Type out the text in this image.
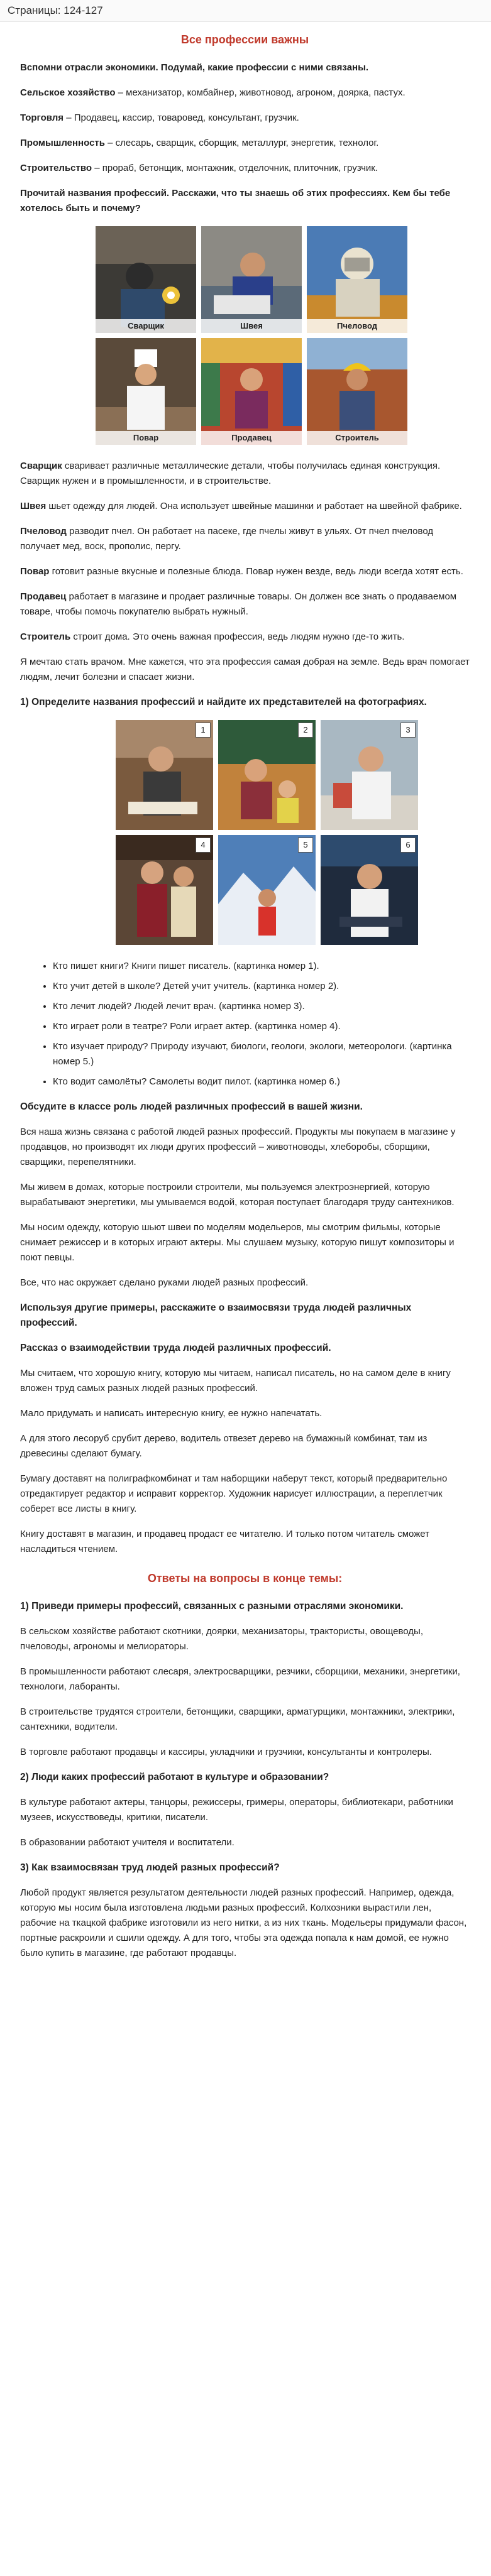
Страницы: 124-127
Все профессии важны

Вспомни отрасли экономики. Подумай, какие профессии с ними связаны.

Сельское хозяйство – механизатор, комбайнер, животновод, агроном, доярка, пастух.

Торговля – Продавец, кассир, товаровед, консультант, грузчик.

Промышленность – слесарь, сварщик, сборщик, металлург, энергетик, технолог.

Строительство – прораб, бетонщик, монтажник, отделочник, плиточник, грузчик.

Прочитай названия профессий. Расскажи, что ты знаешь об этих профессиях. Кем бы тебе хотелось быть и почему?

Сварщик	Швея	Пчеловод
Повар	Продавец	Строитель

Сварщик сваривает различные металлические детали, чтобы получилась единая конструкция. Сварщик нужен и в промышленности, и в строительстве.

Швея шьет одежду для людей. Она использует швейные машинки и работает на швейной фабрике.

Пчеловод разводит пчел. Он работает на пасеке, где пчелы живут в ульях. От пчел пчеловод получает мед, воск, прополис, пергу.

Повар готовит разные вкусные и полезные блюда. Повар нужен везде, ведь люди всегда хотят есть.

Продавец работает в магазине и продает различные товары. Он должен все знать о продаваемом товаре, чтобы помочь покупателю выбрать нужный.

Строитель строит дома. Это очень важная профессия, ведь людям нужно где-то жить.

Я мечтаю стать врачом. Мне кажется, что эта профессия самая добрая на земле. Ведь врач помогает людям, лечит болезни и спасает жизни.

1) Определите названия профессий и найдите их представителей на фотографиях.
1	2	3
4	5	6
• Кто пишет книги? Книги пишет писатель. (картинка номер 1).
• Кто учит детей в школе? Детей учит учитель. (картинка номер 2).
• Кто лечит людей? Людей лечит врач. (картинка номер 3).
• Кто играет роли в театре? Роли играет актер. (картинка номер 4).
• Кто изучает природу? Природу изучают, биологи, геологи, экологи, метеорологи. (картинка номер 5.)
• Кто водит самолёты? Самолеты водит пилот. (картинка номер 6.)
Обсудите в классе роль людей различных профессий в вашей жизни.

Вся наша жизнь связана с работой людей разных профессий. Продукты мы покупаем в магазине у продавцов, но производят их люди других профессий – животноводы, хлеборобы, сборщики, сварщики, перепелятники.

Мы живем в домах, которые построили строители, мы пользуемся электроэнергией, которую вырабатывают энергетики, мы умываемся водой, которая поступает благодаря труду сантехников.

Мы носим одежду, которую шьют швеи по моделям модельеров, мы смотрим фильмы, которые снимает режиссер и в которых играют актеры. Мы слушаем музыку, которую пишут композиторы и поют певцы.

Все, что нас окружает сделано руками людей разных профессий.

Используя другие примеры, расскажите о взаимосвязи труда людей различных профессий.
Рассказ о взаимодействии труда людей различных профессий.

Мы считаем, что хорошую книгу, которую мы читаем, написал писатель, но на самом деле в книгу вложен труд самых разных людей разных профессий.

Мало придумать и написать интересную книгу, ее нужно напечатать.

А для этого лесоруб срубит дерево, водитель отвезет дерево на бумажный комбинат, там из древесины сделают бумагу.

Бумагу доставят на полиграфкомбинат и там наборщики наберут текст, который предварительно отредактирует редактор и исправит корректор. Художник нарисует иллюстрации, а переплетчик соберет все листы в книгу.

Книгу доставят в магазин, и продавец продаст ее читателю. И только потом читатель сможет насладиться чтением.

Ответы на вопросы в конце темы:
1) Приведи примеры профессий, связанных с разными отраслями экономики.

В сельском хозяйстве работают скотники, доярки, механизаторы, трактористы, овощеводы, пчеловоды, агрономы и мелиораторы.

В промышленности работают слесаря, электросварщики, резчики, сборщики, механики, энергетики, технологи, лаборанты.

В строительстве трудятся строители, бетонщики, сварщики, арматурщики, монтажники, электрики, сантехники, водители.

В торговле работают продавцы и кассиры, укладчики и грузчики, консультанты и контролеры.

2) Люди каких профессий работают в культуре и образовании?

В культуре работают актеры, танцоры, режиссеры, гримеры, операторы, библиотекари, работники музеев, искусствоведы, критики, писатели.

В образовании работают учителя и воспитатели.

3) Как взаимосвязан труд людей разных профессий?

Любой продукт является результатом деятельности людей разных профессий. Например, одежда, которую мы носим была изготовлена людьми разных профессий. Колхозники вырастили лен, рабочие на ткацкой фабрике изготовили из него нитки, а из них ткань. Модельеры придумали фасон, портные раскроили и сшили одежду. А для того, чтобы эта одежда попала к нам домой, ее нужно было купить в магазине, где работают продавцы.
